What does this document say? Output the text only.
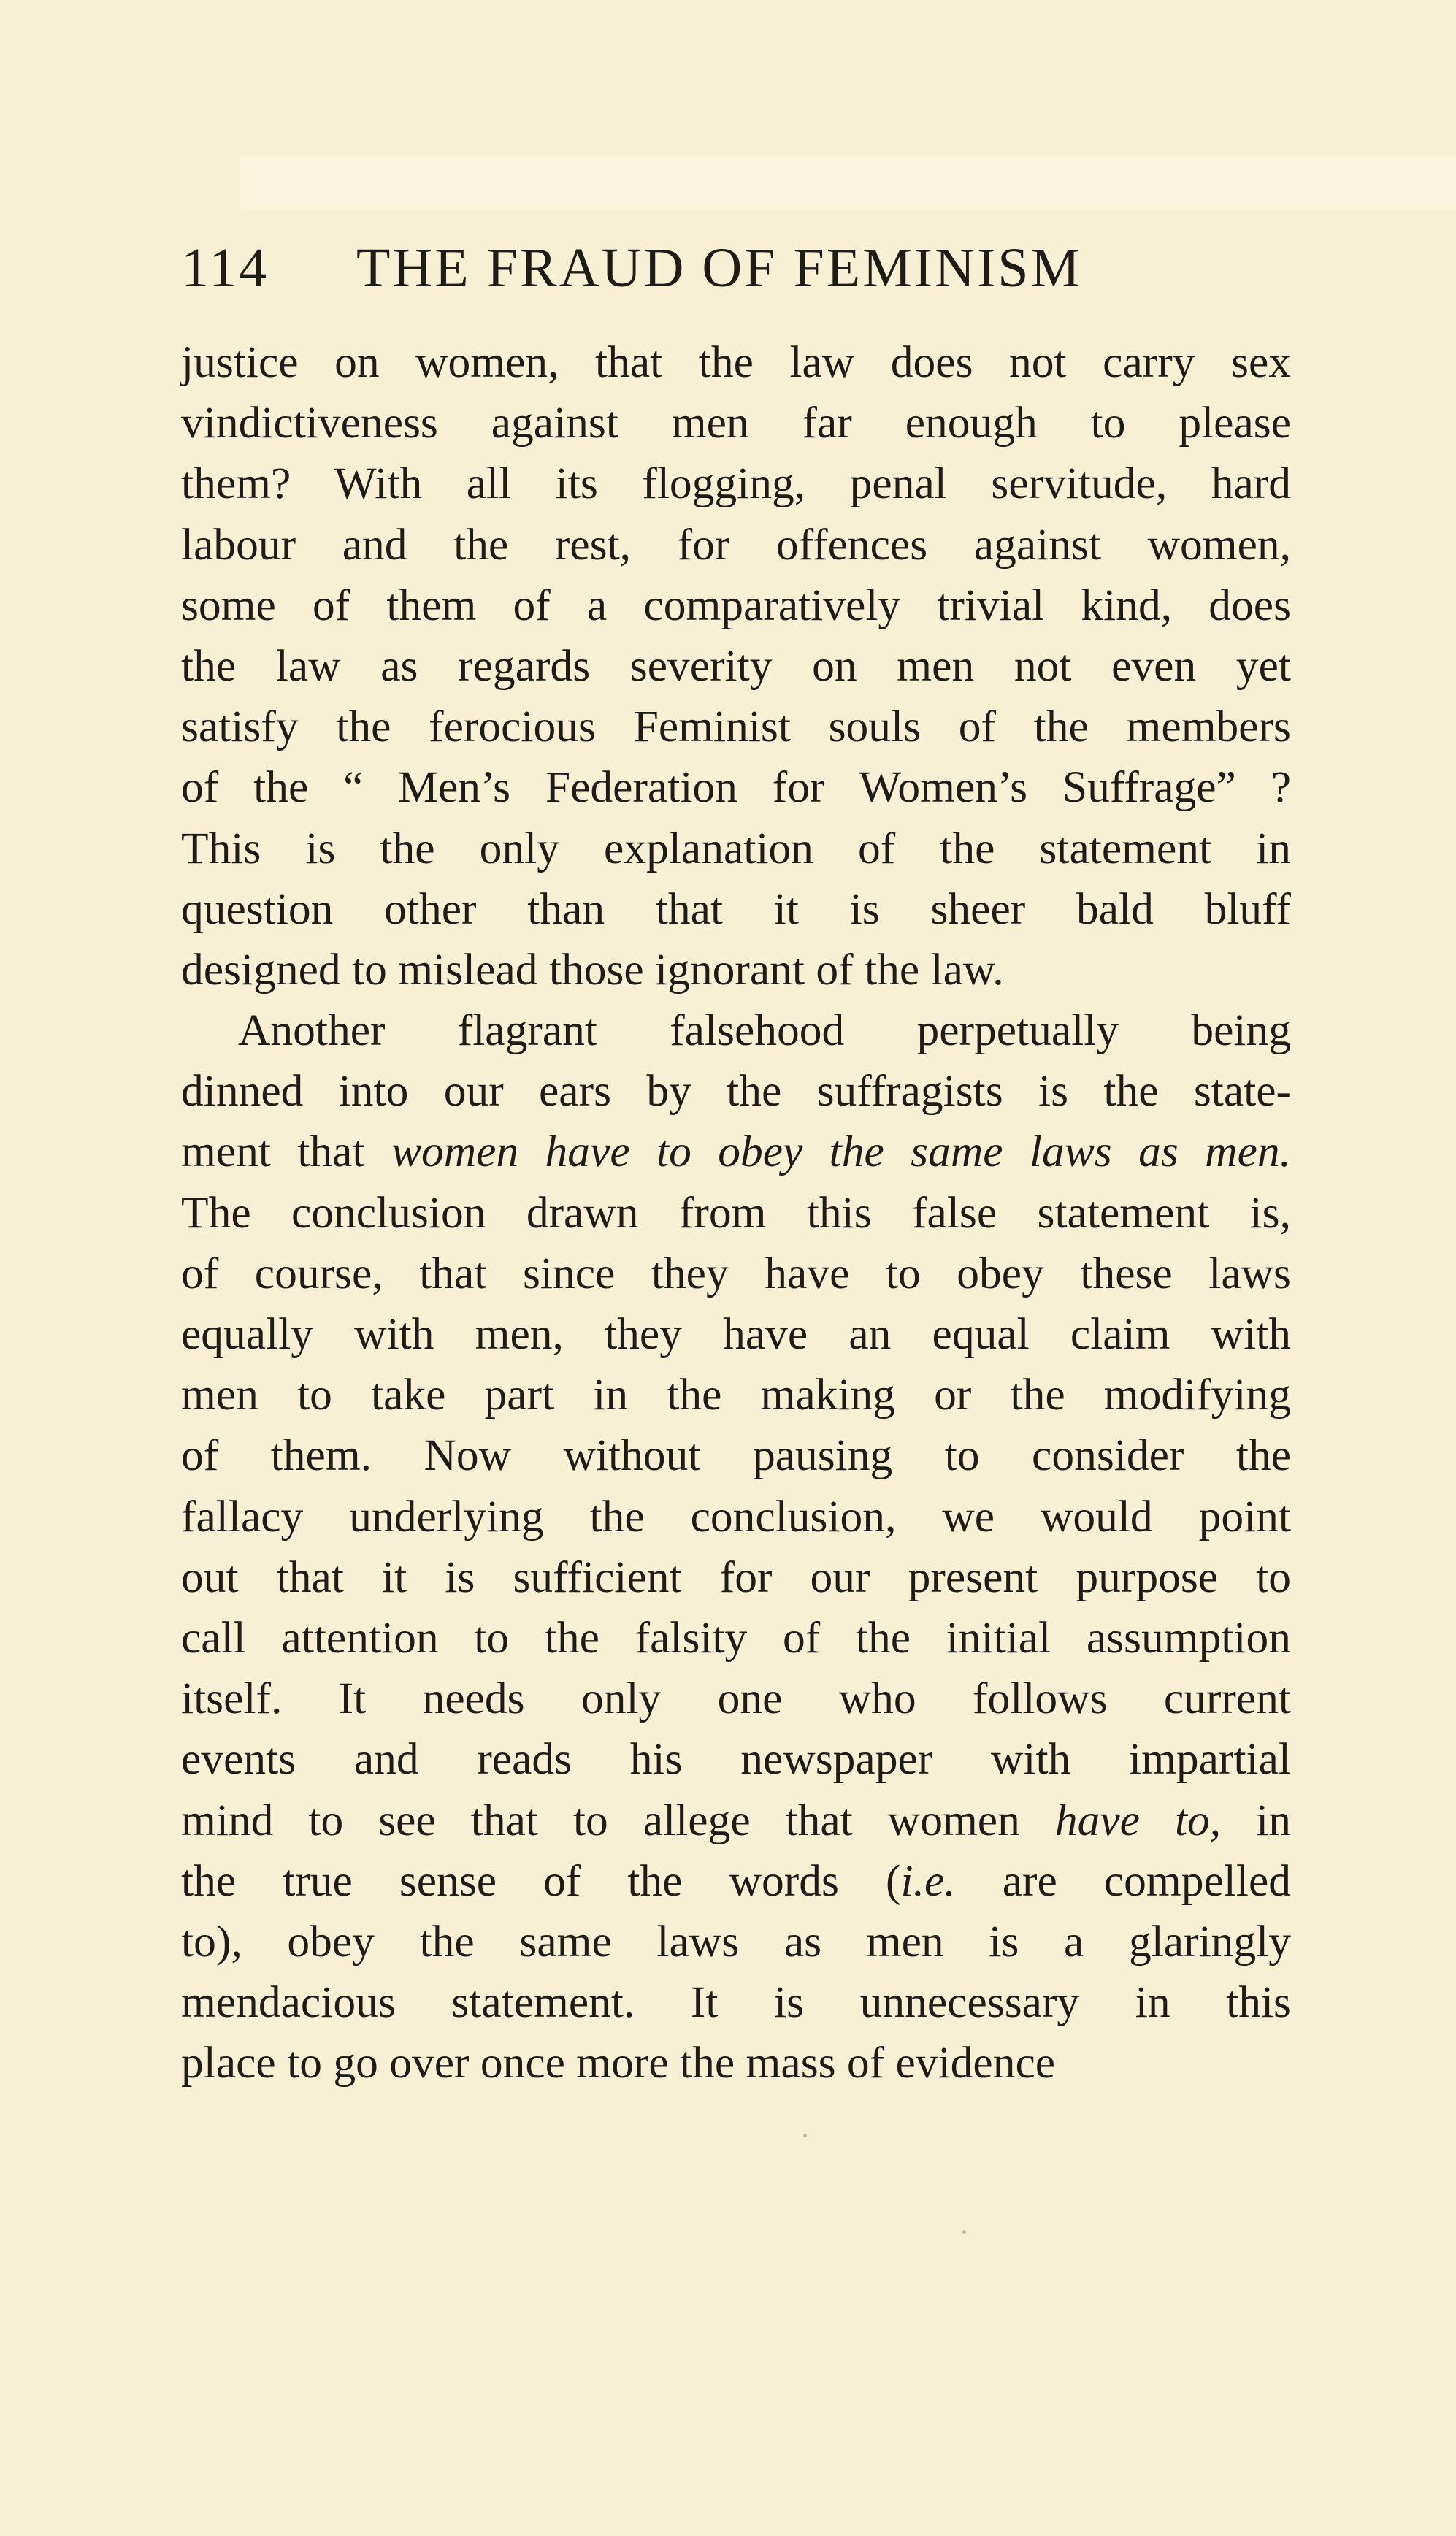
114 THE FRAUD OF FEMINISM
justice on women, that the law does not carry sex
vindictiveness against men far enough to please
them? With all its flogging, penal servitude, hard
labour and the rest, for offences against women,
some of them of a comparatively trivial kind, does
the law as regards severity on men not even yet
satisfy the ferocious Feminist souls of the members
of the “ Men’s Federation for Women’s Suffrage” ?
This is the only explanation of the statement in
question other than that it is sheer bald bluff
designed to mislead those ignorant of the law.
Another flagrant falsehood perpetually being
dinned into our ears by the suffragists is the state-
ment that women have to obey the same laws as men.
The conclusion drawn from this false statement is,
of course, that since they have to obey these laws
equally with men, they have an equal claim with
men to take part in the making or the modifying
of them. Now without pausing to consider the
fallacy underlying the conclusion, we would point
out that it is sufficient for our present purpose to
call attention to the falsity of the initial assumption
itself. It needs only one who follows current
events and reads his newspaper with impartial
mind to see that to allege that women have to, in
the true sense of the words (i.e. are compelled
to), obey the same laws as men is a glaringly
mendacious statement. It is unnecessary in this
place to go over once more the mass of evidence
